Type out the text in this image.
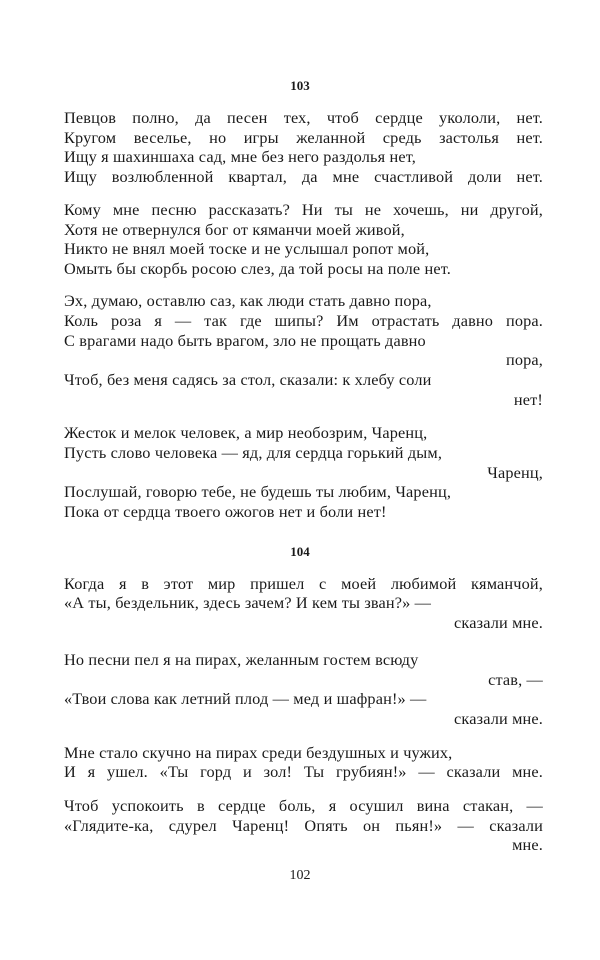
103
Певцов полно, да песен тех, чтоб сердце укололи, нет.
Кругом веселье, но игры желанной средь застолья нет.
Ищу я шахиншаха сад, мне без него раздолья нет,
Ищу возлюбленной квартал, да мне счастливой доли нет.
Кому мне песню рассказать? Ни ты не хочешь, ни другой,
Хотя не отвернулся бог от кяманчи моей живой,
Никто не внял моей тоске и не услышал ропот мой,
Омыть бы скорбь росою слез, да той росы на поле нет.
Эх, думаю, оставлю саз, как люди стать давно пора,
Коль роза я — так где шипы? Им отрастать давно пора.
С врагами надо быть врагом, зло не прощать давно
пора,
Чтоб, без меня садясь за стол, сказали: к хлебу соли
нет!
Жесток и мелок человек, а мир необозрим, Чаренц,
Пусть слово человека — яд, для сердца горький дым,
Чаренц,
Послушай, говорю тебе, не будешь ты любим, Чаренц,
Пока от сердца твоего ожогов нет и боли нет!
104
Когда я в этот мир пришел с моей любимой кяманчой,
«А ты, бездельник, здесь зачем? И кем ты зван?» —
сказали мне.
Но песни пел я на пирах, желанным гостем всюду
став, —
«Твои слова как летний плод — мед и шафран!» —
сказали мне.
Мне стало скучно на пирах среди бездушных и чужих,
И я ушел. «Ты горд и зол! Ты грубиян!» — сказали мне.
Чтоб успокоить в сердце боль, я осушил вина стакан, —
«Глядите-ка, сдурел Чаренц! Опять он пьян!» — сказали
мне.
102
